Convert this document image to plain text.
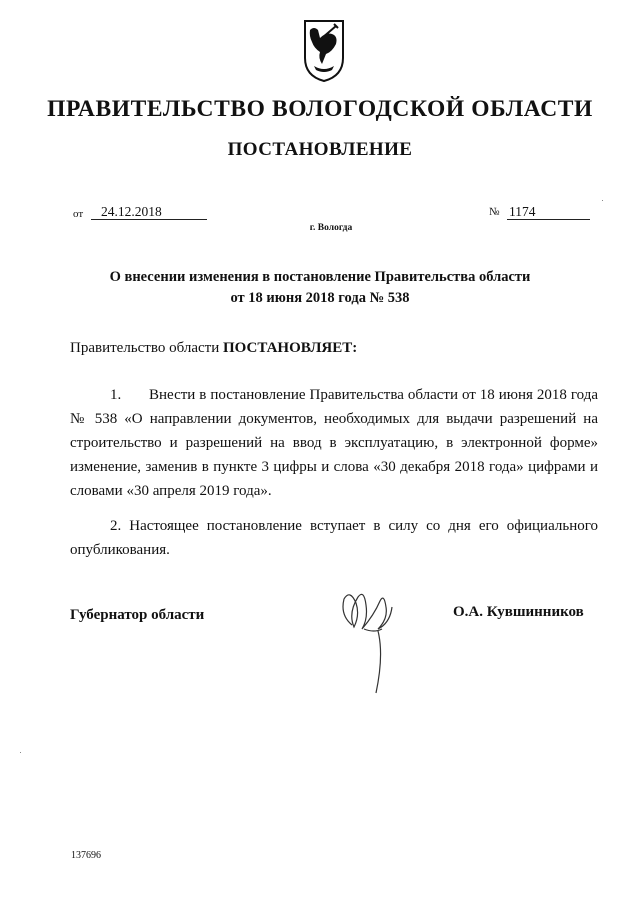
ПРАВИТЕЛЬСТВО ВОЛОГОДСКОЙ ОБЛАСТИ
ПОСТАНОВЛЕНИЕ
от 24.12.2018	№ 1174
г. Вологда
О внесении изменения в постановление Правительства области
от 18 июня 2018 года № 538
Правительство области ПОСТАНОВЛЯЕТ:
1.       Внести в постановление Правительства области от 18 июня 2018 года № 538 «О направлении документов, необходимых для выдачи разрешений на строительство и разрешений на ввод в эксплуатацию, в электронной форме» изменение, заменив в пункте 3 цифры и слова «30 декабря 2018 года» цифрами и словами «30 апреля 2019 года».
2. Настоящее постановление вступает в силу со дня его официального опубликования.
Губернатор области	О.А. Кувшинников
137696
